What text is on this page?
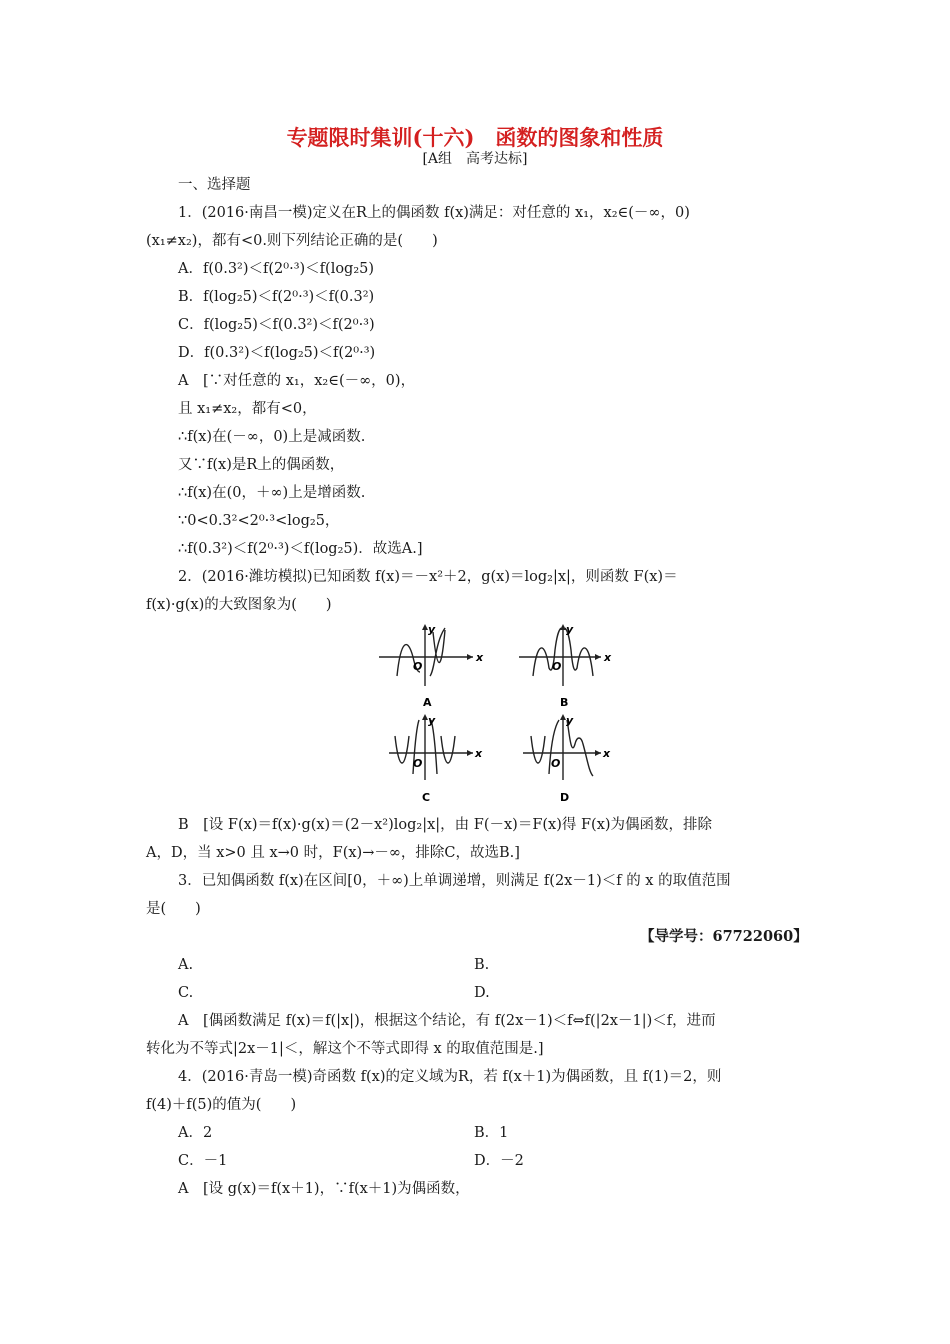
专题限时集训(十六)　函数的图象和性质
[A组　高考达标]
一、选择题
1．(2016·南昌一模)定义在R上的偶函数 f(x)满足：对任意的 x₁，x₂∈(－∞，0)
(x₁≠x₂)，都有<0.则下列结论正确的是(　　)
A．f(0.3²)＜f(2⁰·³)＜f(log₂5)
B．f(log₂5)＜f(2⁰·³)＜f(0.3²)
C．f(log₂5)＜f(0.3²)＜f(2⁰·³)
D．f(0.3²)＜f(log₂5)＜f(2⁰·³)
A　[∵对任意的 x₁，x₂∈(－∞，0)，
且 x₁≠x₂，都有<0，
∴f(x)在(－∞，0)上是减函数.
又∵f(x)是R上的偶函数，
∴f(x)在(0，＋∞)上是增函数.
∵0<0.3²<2⁰·³<log₂5，
∴f(0.3²)＜f(2⁰·³)＜f(log₂5)．故选A.]
2．(2016·潍坊模拟)已知函数 f(x)＝－x²＋2，g(x)＝log₂|x|，则函数 F(x)＝
f(x)·g(x)的大致图象为(　　)
y
x
O
A
y
x
O
B
y
x
O
C
y
x
O
D
B　[设 F(x)＝f(x)·g(x)＝(2－x²)log₂|x|，由 F(－x)＝F(x)得 F(x)为偶函数，排除
A，D，当 x>0 且 x→0 时，F(x)→－∞，排除C，故选B.]
3．已知偶函数 f(x)在区间[0，＋∞)上单调递增，则满足 f(2x－1)＜f 的 x 的取值范围
是(　　)
【导学号：67722060】
A.	B.
C.	D.
A　[偶函数满足 f(x)＝f(|x|)，根据这个结论，有 f(2x－1)＜f⇔f(|2x－1|)＜f，进而
转化为不等式|2x－1|＜，解这个不等式即得 x 的取值范围是.]
4．(2016·青岛一模)奇函数 f(x)的定义域为R，若 f(x＋1)为偶函数，且 f(1)＝2，则
f(4)＋f(5)的值为(　　)
A．2	B．1
C．－1	D．－2
A　[设 g(x)＝f(x＋1)，∵f(x＋1)为偶函数，
